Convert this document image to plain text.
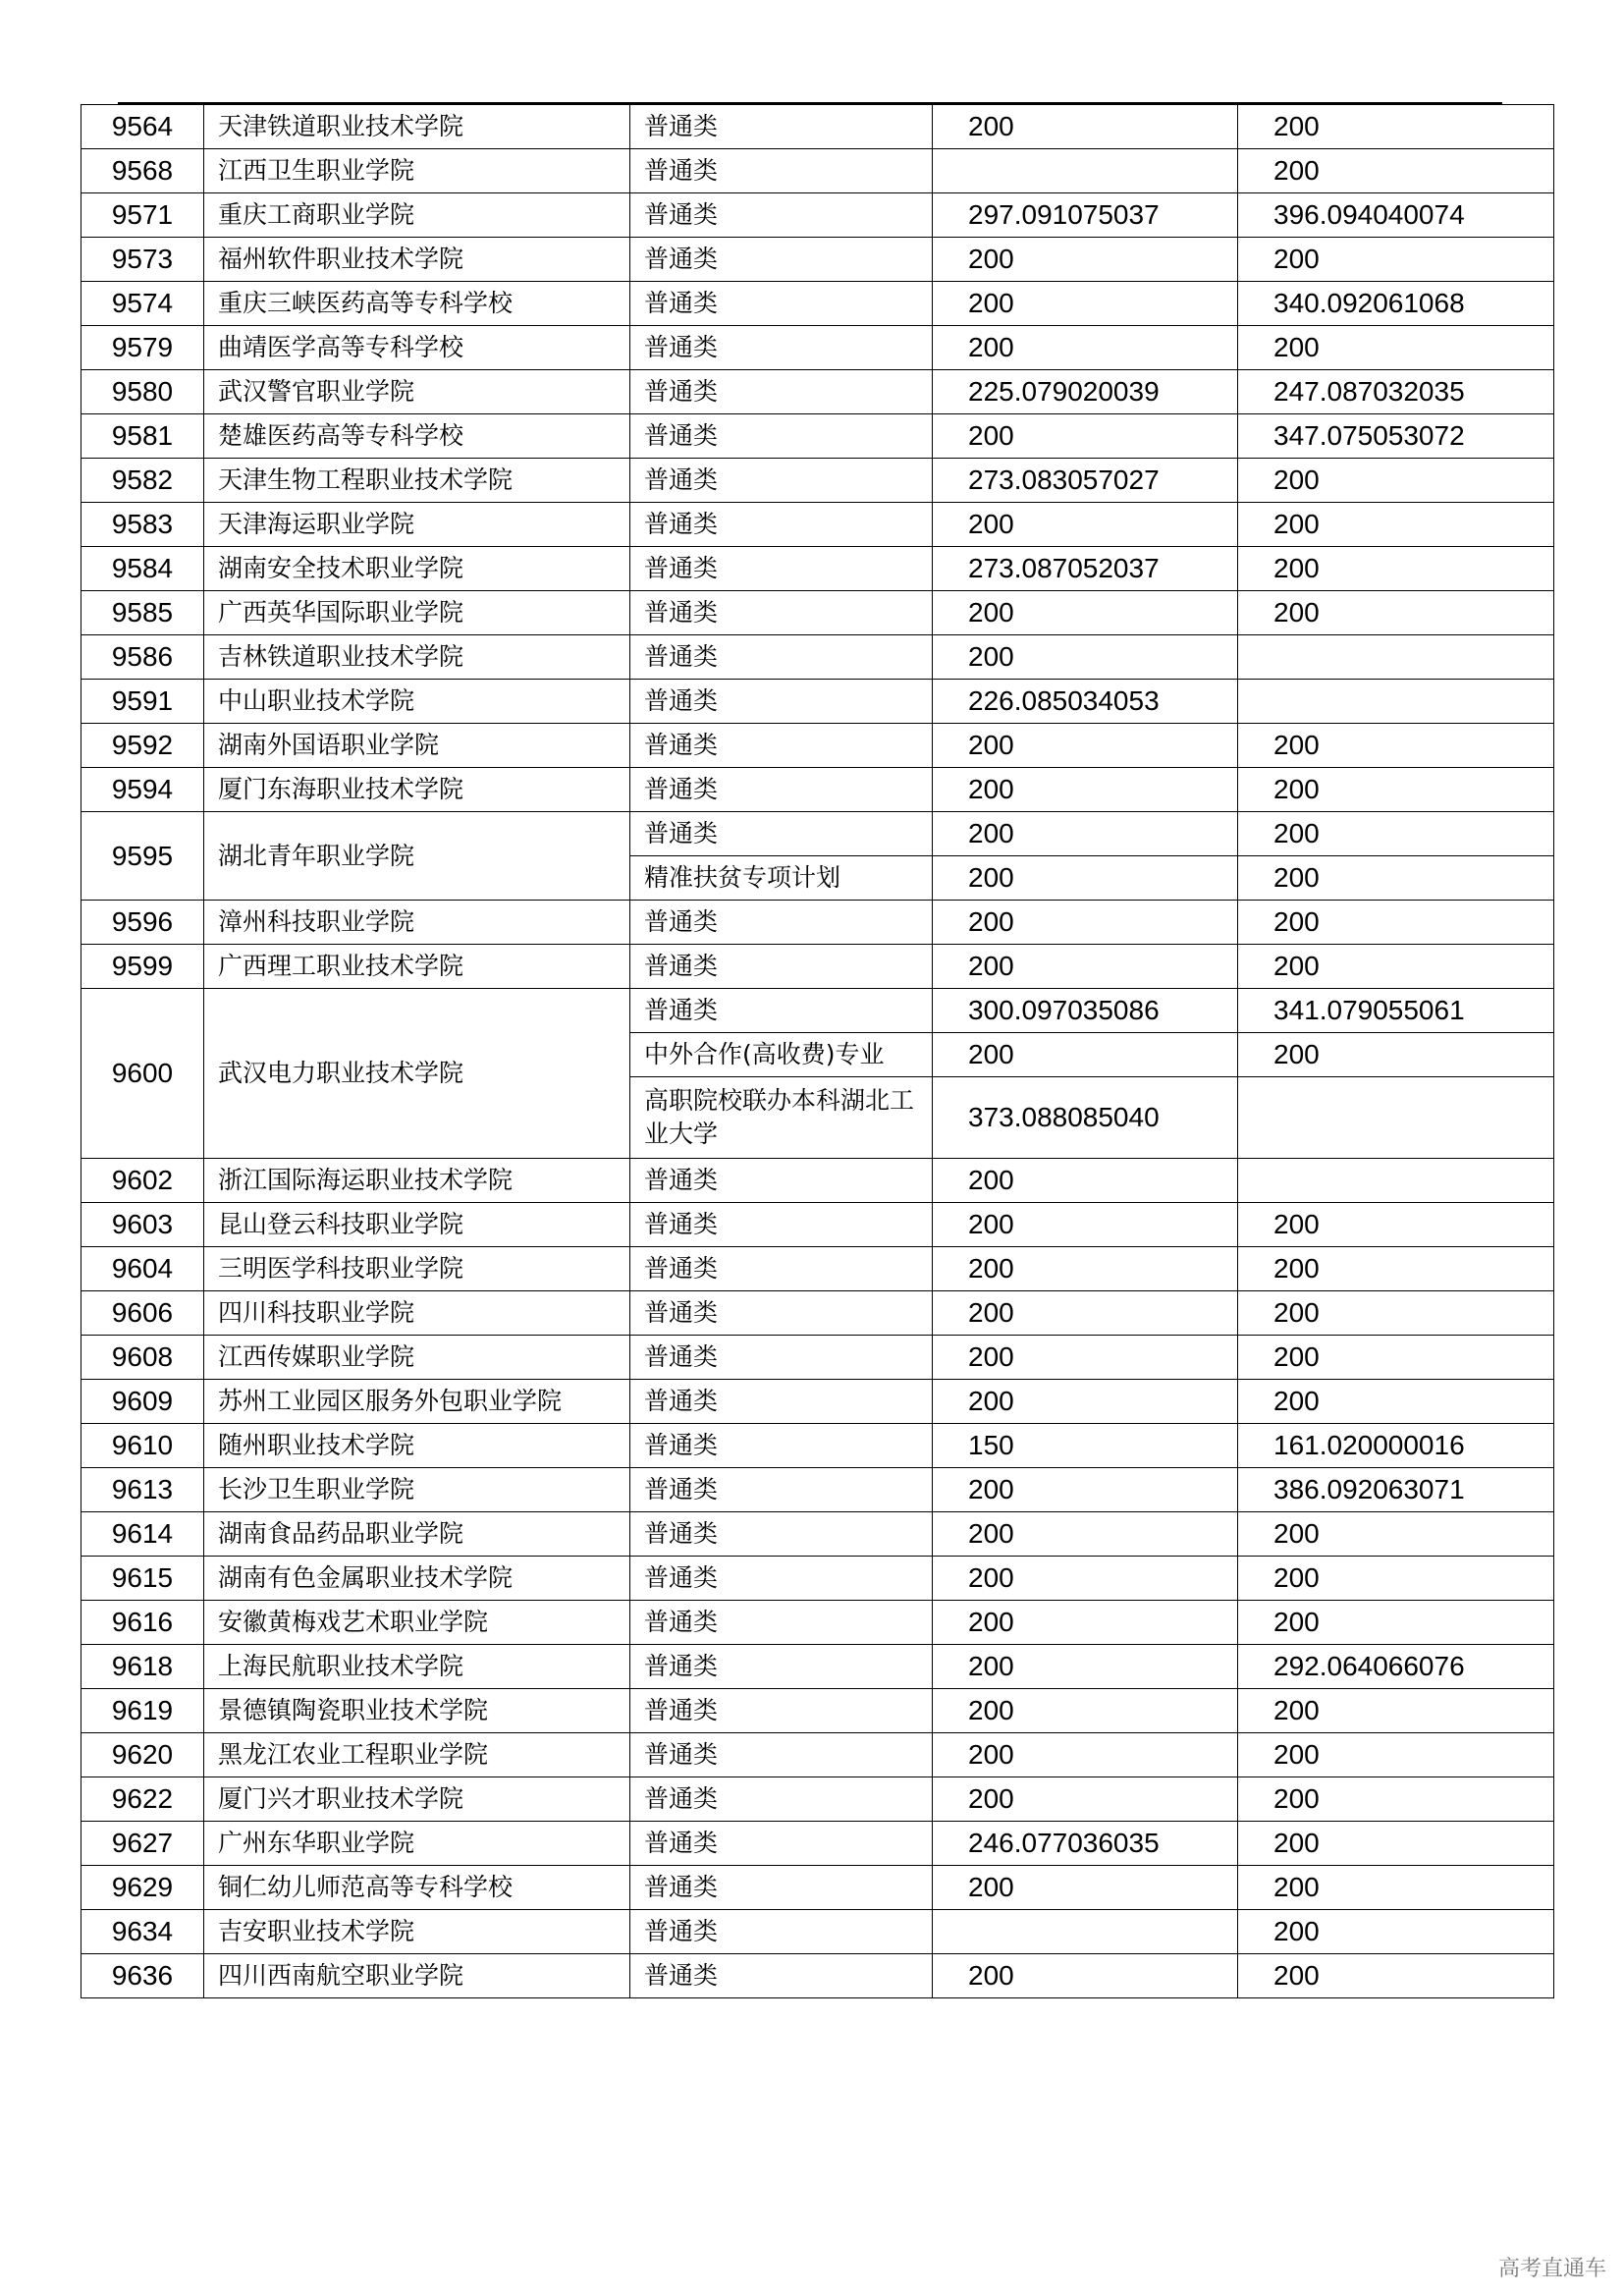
9564	天津铁道职业技术学院	普通类	200	200
9568	江西卫生职业学院	普通类		200
9571	重庆工商职业学院	普通类	297.091075037	396.094040074
9573	福州软件职业技术学院	普通类	200	200
9574	重庆三峡医药高等专科学校	普通类	200	340.092061068
9579	曲靖医学高等专科学校	普通类	200	200
9580	武汉警官职业学院	普通类	225.079020039	247.087032035
9581	楚雄医药高等专科学校	普通类	200	347.075053072
9582	天津生物工程职业技术学院	普通类	273.083057027	200
9583	天津海运职业学院	普通类	200	200
9584	湖南安全技术职业学院	普通类	273.087052037	200
9585	广西英华国际职业学院	普通类	200	200
9586	吉林铁道职业技术学院	普通类	200	
9591	中山职业技术学院	普通类	226.085034053	
9592	湖南外国语职业学院	普通类	200	200
9594	厦门东海职业技术学院	普通类	200	200
9595	湖北青年职业学院	普通类	200	200
		精准扶贫专项计划	200	200
9596	漳州科技职业学院	普通类	200	200
9599	广西理工职业技术学院	普通类	200	200
9600	武汉电力职业技术学院	普通类	300.097035086	341.079055061
		中外合作(高收费)专业	200	200
		高职院校联办本科湖北工业大学	373.088085040	
9602	浙江国际海运职业技术学院	普通类	200	
9603	昆山登云科技职业学院	普通类	200	200
9604	三明医学科技职业学院	普通类	200	200
9606	四川科技职业学院	普通类	200	200
9608	江西传媒职业学院	普通类	200	200
9609	苏州工业园区服务外包职业学院	普通类	200	200
9610	随州职业技术学院	普通类	150	161.020000016
9613	长沙卫生职业学院	普通类	200	386.092063071
9614	湖南食品药品职业学院	普通类	200	200
9615	湖南有色金属职业技术学院	普通类	200	200
9616	安徽黄梅戏艺术职业学院	普通类	200	200
9618	上海民航职业技术学院	普通类	200	292.064066076
9619	景德镇陶瓷职业技术学院	普通类	200	200
9620	黑龙江农业工程职业学院	普通类	200	200
9622	厦门兴才职业技术学院	普通类	200	200
9627	广州东华职业学院	普通类	246.077036035	200
9629	铜仁幼儿师范高等专科学校	普通类	200	200
9634	吉安职业技术学院	普通类		200
9636	四川西南航空职业学院	普通类	200	200
高考直通车
